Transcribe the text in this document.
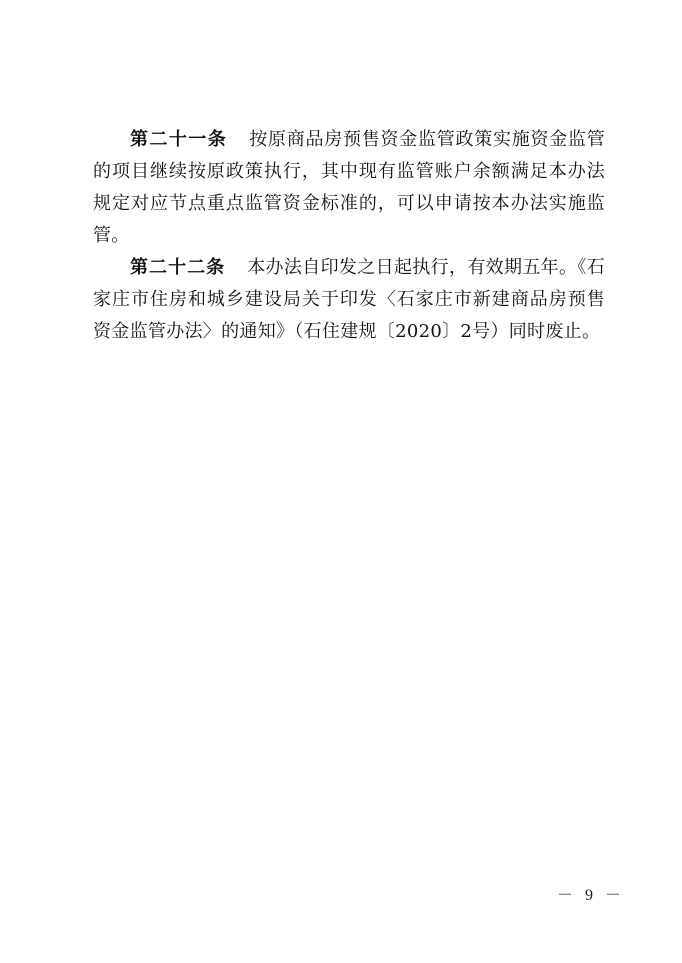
第二十一条 按原商品房预售资金监管政策实施资金监管的项目继续按原政策执行，其中现有监管账户余额满足本办法规定对应节点重点监管资金标准的，可以申请按本办法实施监管。

第二十二条 本办法自印发之日起执行，有效期五年。《石家庄市住房和城乡建设局关于印发〈石家庄市新建商品房预售资金监管办法〉的通知》（石住建规〔2020〕2号）同时废止。

－ 9 －
